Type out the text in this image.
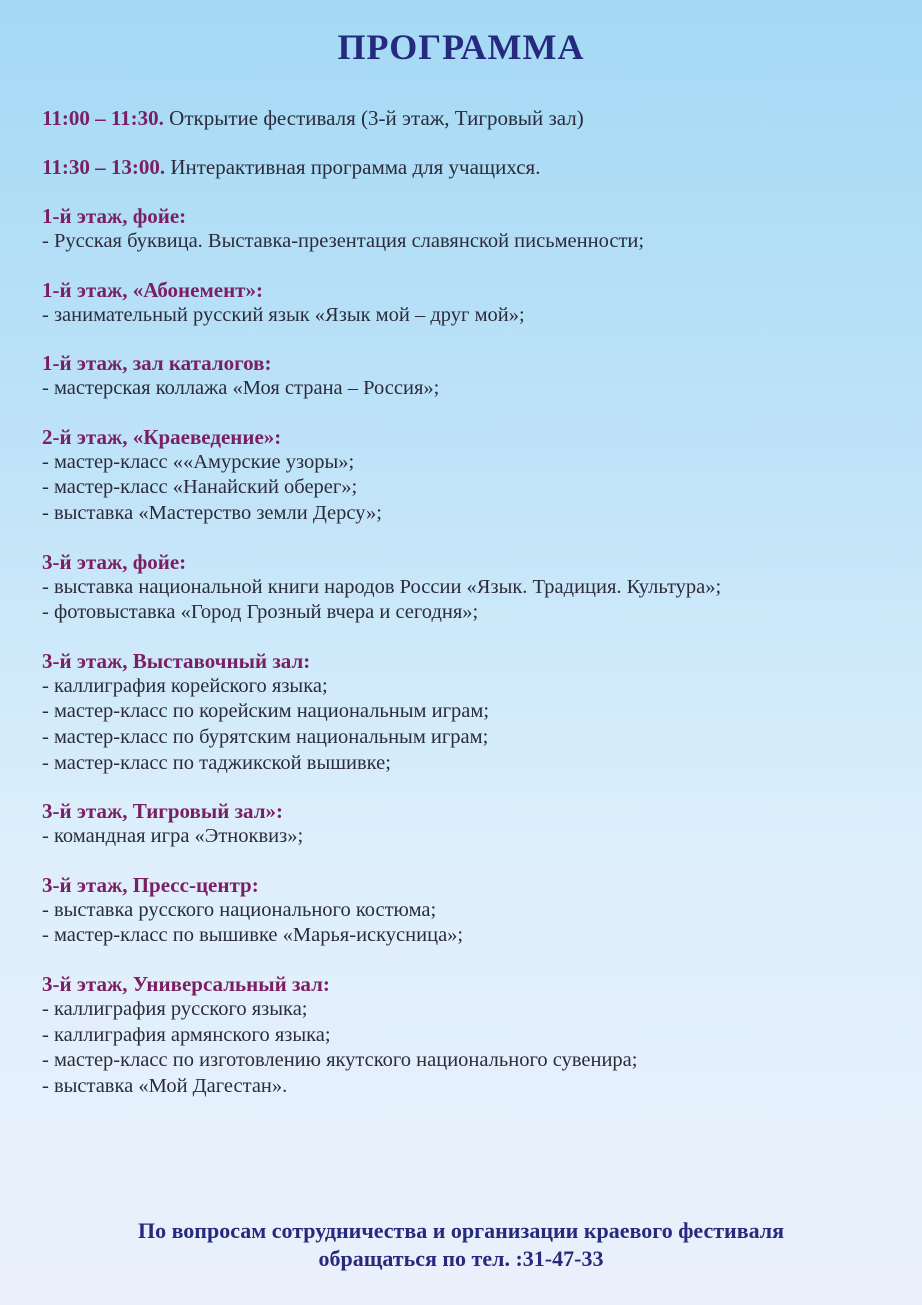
ПРОГРАММА

11:00 – 11:30. Открытие фестиваля (3-й этаж, Тигровый зал)

11:30 – 13:00. Интерактивная программа для учащихся.

1-й этаж, фойе:

- Русская буквица. Выставка-презентация славянской письменности;

1-й этаж, «Абонемент»:

- занимательный русский язык «Язык мой – друг мой»;

1-й этаж, зал каталогов:

- мастерская коллажа «Моя страна – Россия»;

2-й этаж, «Краеведение»:

- мастер-класс ««Амурские узоры»;
- мастер-класс «Нанайский оберег»;
- выставка «Мастерство земли Дерсу»;

3-й этаж, фойе:

- выставка национальной книги народов России «Язык. Традиция. Культура»;
- фотовыставка «Город Грозный вчера и сегодня»;

3-й этаж, Выставочный зал:

- каллиграфия корейского языка;
- мастер-класс по корейским национальным играм;
- мастер-класс по бурятским национальным играм;
- мастер-класс по таджикской вышивке;

3-й этаж, Тигровый зал»:

- командная игра «Этноквиз»;

3-й этаж, Пресс-центр:

- выставка русского национального костюма;
- мастер-класс по вышивке «Марья-искусница»;

3-й этаж, Универсальный зал:

- каллиграфия русского языка;
- каллиграфия армянского языка;
- мастер-класс по изготовлению якутского национального сувенира;
- выставка «Мой Дагестан».
По вопросам сотрудничества и организации краевого фестиваля
обращаться по тел. :31-47-33
